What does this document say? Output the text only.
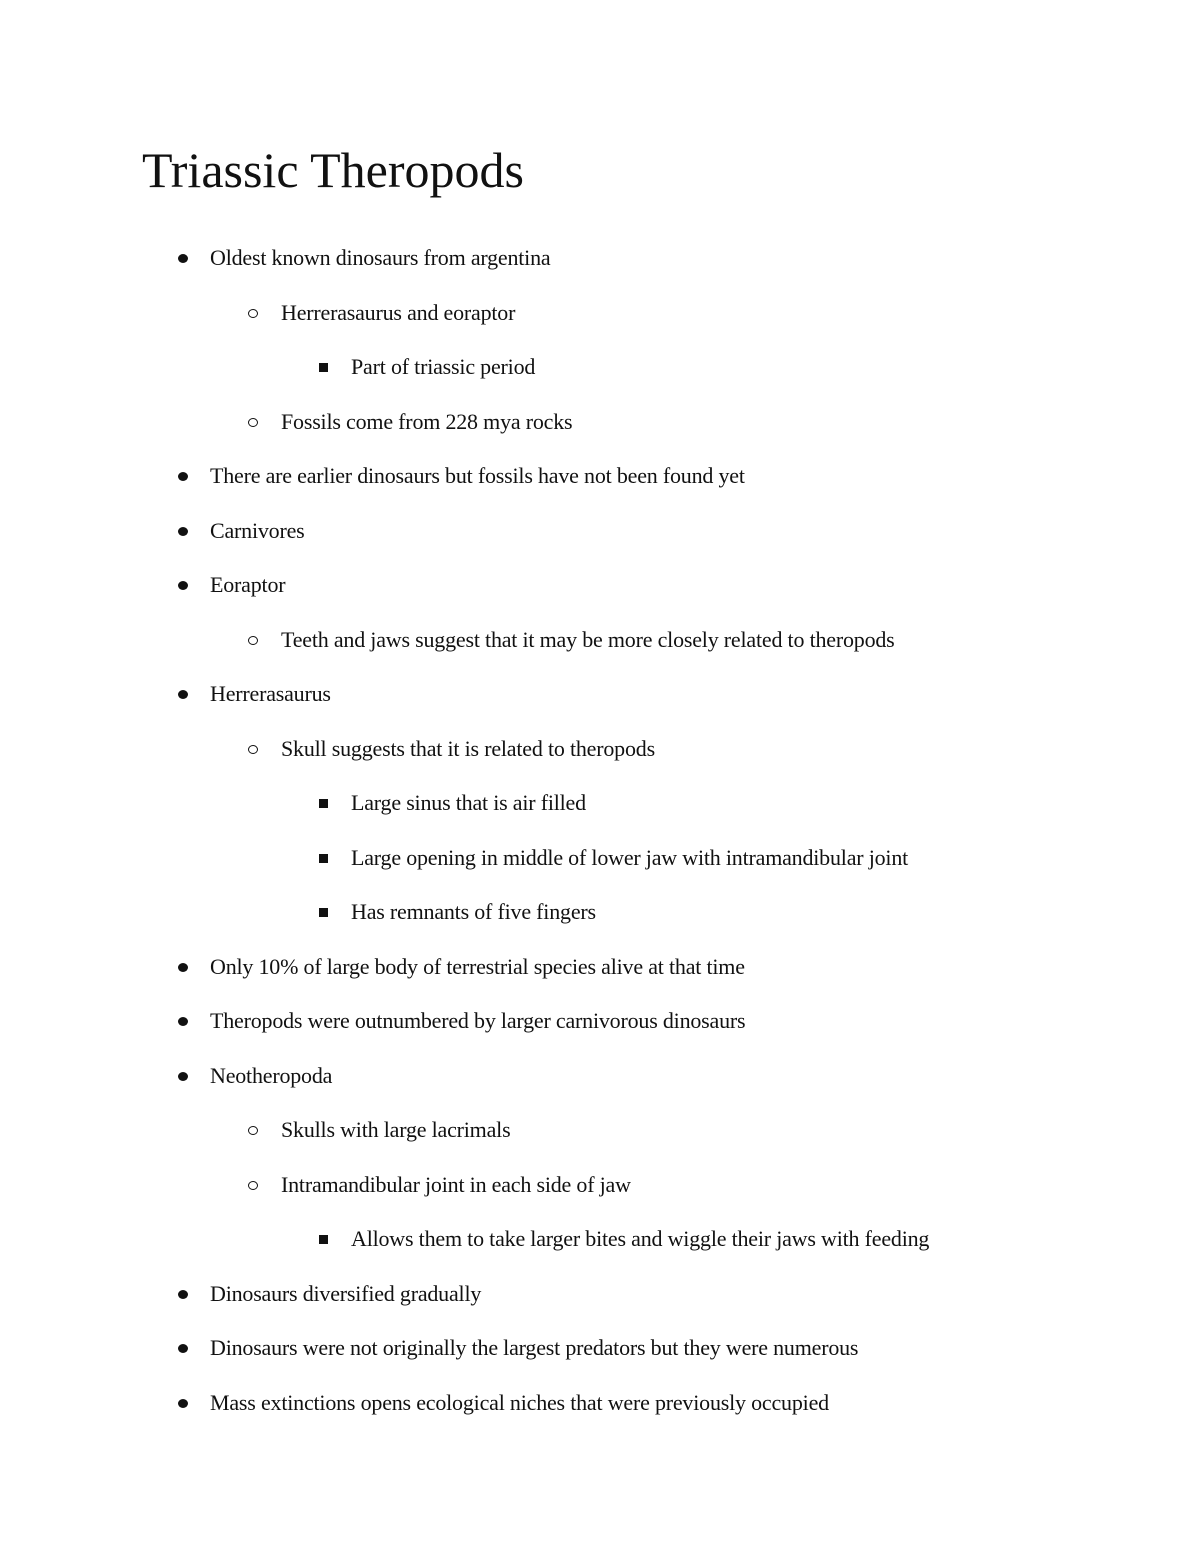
Triassic Theropods
Oldest known dinosaurs from argentina
Herrerasaurus and eoraptor
Part of triassic period
Fossils come from 228 mya rocks
There are earlier dinosaurs but fossils have not been found yet
Carnivores
Eoraptor
Teeth and jaws suggest that it may be more closely related to theropods
Herrerasaurus
Skull suggests that it is related to theropods
Large sinus that is air filled
Large opening in middle of lower jaw with intramandibular joint
Has remnants of five fingers
Only 10% of large body of terrestrial species alive at that time
Theropods were outnumbered by larger carnivorous dinosaurs
Neotheropoda
Skulls with large lacrimals
Intramandibular joint in each side of jaw
Allows them to take larger bites and wiggle their jaws with feeding
Dinosaurs diversified gradually
Dinosaurs were not originally the largest predators but they were numerous
Mass extinctions opens ecological niches that were previously occupied
